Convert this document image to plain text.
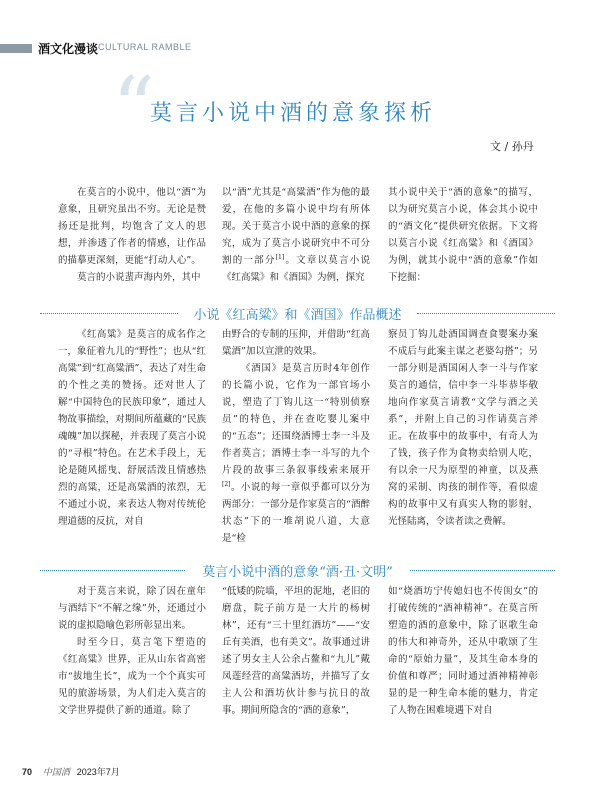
酒文化漫谈 CULTURAL RAMBLE
“
莫言小说中酒的意象探析
文 / 孙丹

在莫言的小说中，他以“酒”为意象，且研究虽出不穷。无论是赞扬还是批判，均饱含了文人的思想，并渗透了作者的情感，让作品的描摹更深刻，更能“打动人心”。

莫言的小说蜚声海内外，其中

以“酒”尤其是“高粱酒”作为他的最爱，在他的多篇小说中均有所体现。关于莫言小说中酒的意象的探究，成为了莫言小说研究中不可分割的一部分[1]。文章以莫言小说《红高粱》和《酒国》为例，探究

其小说中关于“酒的意象”的描写，以为研究莫言小说，体会其小说中的“酒文化”提供研究依据。下文将以莫言小说《红高粱》和《酒国》为例，就其小说中“酒的意象”作如下挖掘：

小说《红高粱》和《酒国》作品概述

《红高粱》是莫言的成名作之一，象征着九儿的“野性”；也从“红高粱”到“红高粱酒”，表达了对生命的个性之美的赞扬。还对世人了解“中国特色的民族印象”，通过人物故事描绘，对期间所蕴藏的“民族魂魄”加以探秘，并表现了莫言小说的“寻根”特色。在艺术手段上，无论是随风摇曳、舒展活泼且情感热烈的高粱，还是高粱酒的浓烈，无不通过小说，来表达人物对传统伦理道德的反抗，对自

由野合的专制的压抑，并借助“红高粱酒”加以宣泄的效果。

《酒国》是莫言历时4年创作的长篇小说，它作为一部官场小说，塑造了丁钩儿这一“特别侦察员”的特色，并在查吃婴儿案中的“五态”；还围绕酒博士李一斗及作者莫言；酒博士李一斗写的九个片段的故事三条叙事线索来展开[2]。小说的每一章似乎都可以分为两部分：一部分是作家莫言的“酒醉状态”下的一堆胡说八道，大意是“检

察员丁钩儿赴酒国调查食婴案办案不成后与此案主谋之老婆勾搭”；另一部分则是酒国闲人李一斗与作家莫言的通信，信中李一斗毕恭毕敬地向作家莫言请教“文学与酒之关系”，并附上自己的习作请莫言斧正。在故事中的故事中，有奇人为了钱，孩子作为食物卖给别人吃，有以余一尺为原型的神童，以及燕窝的采制、肉孩的制作等，看似虚构的故事中又有真实人物的影射，光怪陆离，令读者读之费解。

莫言小说中酒的意象“酒·丑·文明”

对于莫言来说，除了因在童年与酒结下“不解之缘”外，还通过小说的虚拟隐喻色彩所彰显出来。

时至今日，莫言笔下塑造的《红高粱》世界，正从山东省高密市“拔地生长”，成为一个个真实可见的旅游场景，为人们走入莫言的文学世界提供了新的通道。除了

“低矮的院墙，平坦的泥地，老旧的磨盘，院子前方是一大片的杨树林”，还有“三十里红酒坊”——“安丘有美酒，也有美文”。故事通过讲述了男女主人公余占鳌和“九儿”戴凤莲经营的高粱酒坊，并描写了女主人公和酒坊伙计参与抗日的故事。期间所隐含的“酒的意象”，

如“烧酒坊宁传媳妇也不传闺女”的打破传统的“酒神精神”。在莫言所塑造的酒的意象中，除了讴歌生命的伟大和神奇外，还从中歌颂了生命的“原始力量”，及其生命本身的价值和尊严；同时通过酒神精神彰显的是一种生命本能的魅力，肯定了人物在困难境遇下对自

70 中国酒 2023年7月
